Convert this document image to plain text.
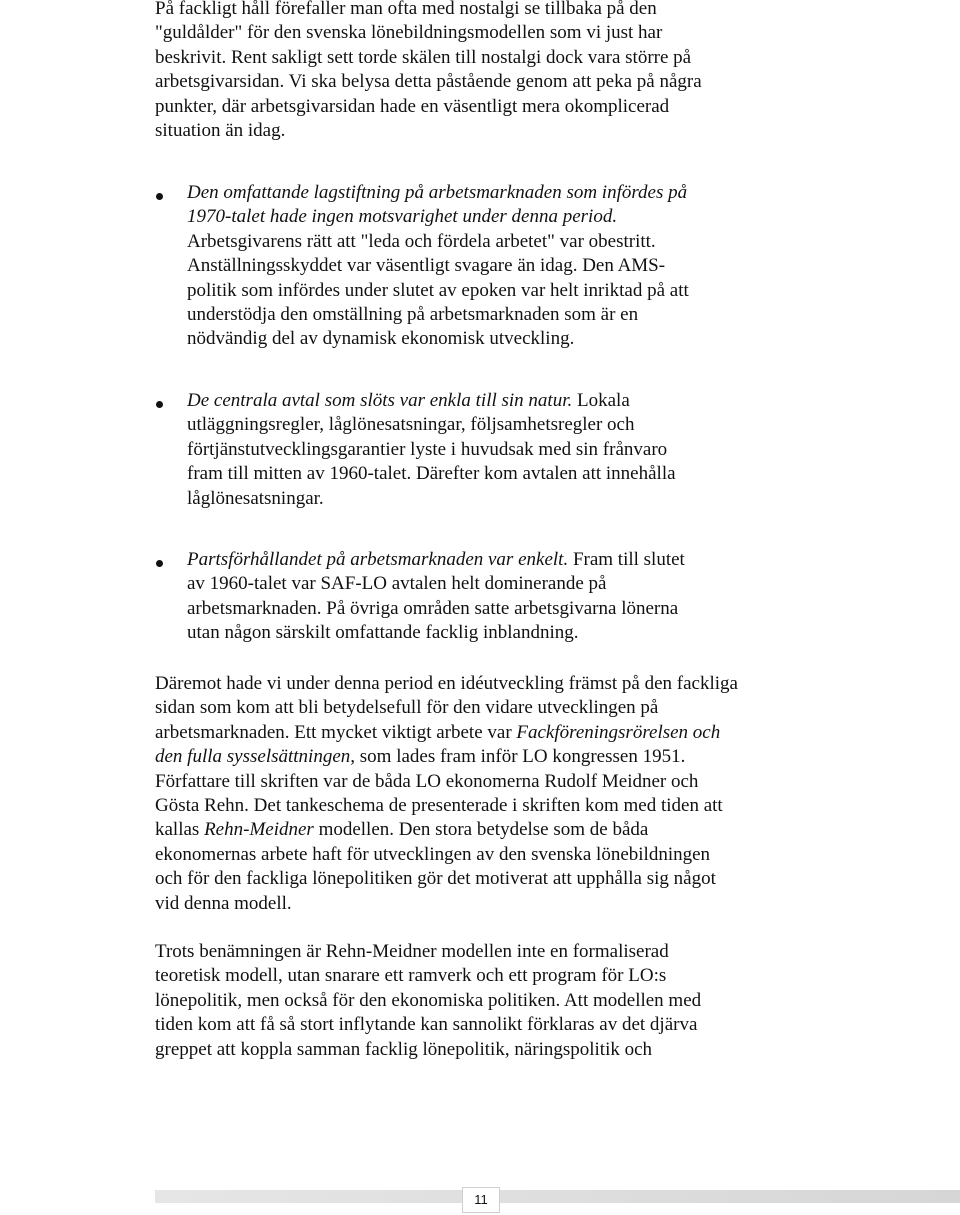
På fackligt håll förefaller man ofta med nostalgi se tillbaka på den

"guldålder" för den svenska lönebildningsmodellen som vi just har

beskrivit. Rent sakligt sett torde skälen till nostalgi dock vara större på

arbetsgivarsidan. Vi ska belysa detta påstående genom att peka på några

punkter, där arbetsgivarsidan hade en väsentligt mera okomplicerad

situation än idag.

Den omfattande lagstiftning på arbetsmarknaden som infördes på

1970-talet hade ingen motsvarighet under denna period.

Arbetsgivarens rätt att "leda och fördela arbetet" var obestritt.

Anställningsskyddet var väsentligt svagare än idag. Den AMS-

politik som infördes under slutet av epoken var helt inriktad på att

understödja den omställning på arbetsmarknaden som är en

nödvändig del av dynamisk ekonomisk utveckling.

De centrala avtal som slöts var enkla till sin natur. Lokala

utläggningsregler, låglönesatsningar, följsamhetsregler och

förtjänstutvecklingsgarantier lyste i huvudsak med sin frånvaro

fram till mitten av 1960-talet. Därefter kom avtalen att innehålla

låglönesatsningar.

Partsförhållandet på arbetsmarknaden var enkelt. Fram till slutet

av 1960-talet var SAF-LO avtalen helt dominerande på

arbetsmarknaden. På övriga områden satte arbetsgivarna lönerna

utan någon särskilt omfattande facklig inblandning.

Däremot hade vi under denna period en idéutveckling främst på den fackliga

sidan som kom att bli betydelsefull för den vidare utvecklingen på

arbetsmarknaden. Ett mycket viktigt arbete var Fackföreningsrörelsen och

den fulla sysselsättningen, som lades fram inför LO kongressen 1951.

Författare till skriften var de båda LO ekonomerna Rudolf Meidner och

Gösta Rehn. Det tankeschema de presenterade i skriften kom med tiden att

kallas Rehn-Meidner modellen. Den stora betydelse som de båda

ekonomernas arbete haft för utvecklingen av den svenska lönebildningen

och för den fackliga lönepolitiken gör det motiverat att upphålla sig något

vid denna modell.

Trots benämningen är Rehn-Meidner modellen inte en formaliserad

teoretisk modell, utan snarare ett ramverk och ett program för LO:s

lönepolitik, men också för den ekonomiska politiken. Att modellen med

tiden kom att få så stort inflytande kan sannolikt förklaras av det djärva

greppet att koppla samman facklig lönepolitik, näringspolitik och

11
